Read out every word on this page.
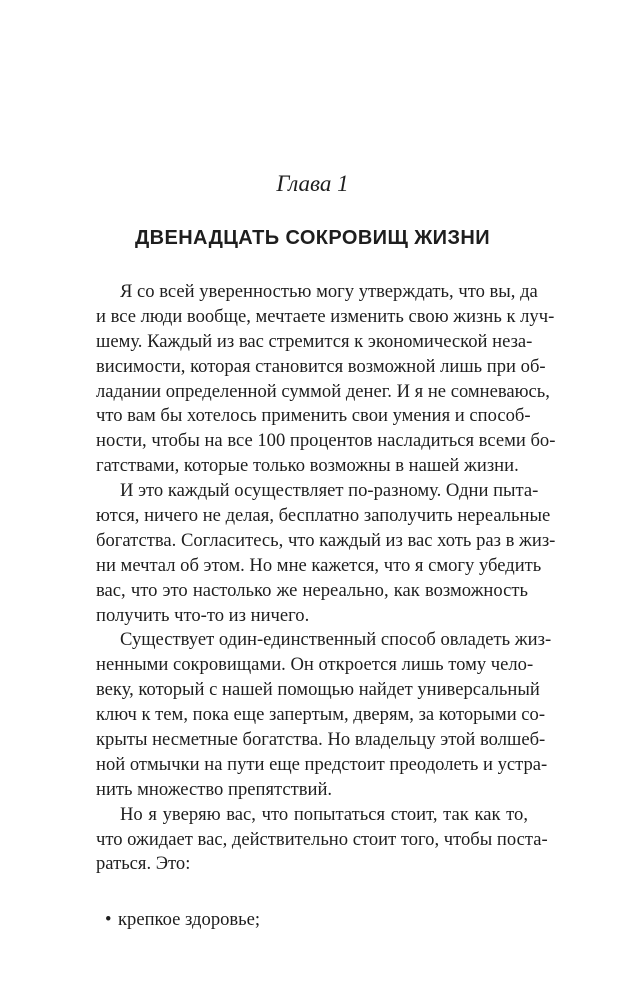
Глава 1
ДВЕНАДЦАТЬ СОКРОВИЩ ЖИЗНИ

Я со всей уверенностью могу утверждать, что вы, да
и все люди вообще, мечтаете изменить свою жизнь к луч-
шему. Каждый из вас стремится к экономической неза-
висимости, которая становится возможной лишь при об-
ладании определенной суммой денег. И я не сомневаюсь,
что вам бы хотелось применить свои умения и способ-
ности, чтобы на все 100 процентов насладиться всеми бо-
гатствами, которые только возможны в нашей жизни.

И это каждый осуществляет по-разному. Одни пыта-
ются, ничего не делая, бесплатно заполучить нереальные
богатства. Согласитесь, что каждый из вас хоть раз в жиз-
ни мечтал об этом. Но мне кажется, что я смогу убедить
вас, что это настолько же нереально, как возможность
получить что-то из ничего.

Существует один-единственный способ овладеть жиз-
ненными сокровищами. Он откроется лишь тому чело-
веку, который с нашей помощью найдет универсальный
ключ к тем, пока еще запертым, дверям, за которыми со-
крыты несметные богатства. Но владельцу этой волшеб-
ной отмычки на пути еще предстоит преодолеть и устра-
нить множество препятствий.

Но я уверяю вас, что попытаться стоит, так как то,
что ожидает вас, действительно стоит того, чтобы поста-
раться. Это:

• крепкое здоровье;
